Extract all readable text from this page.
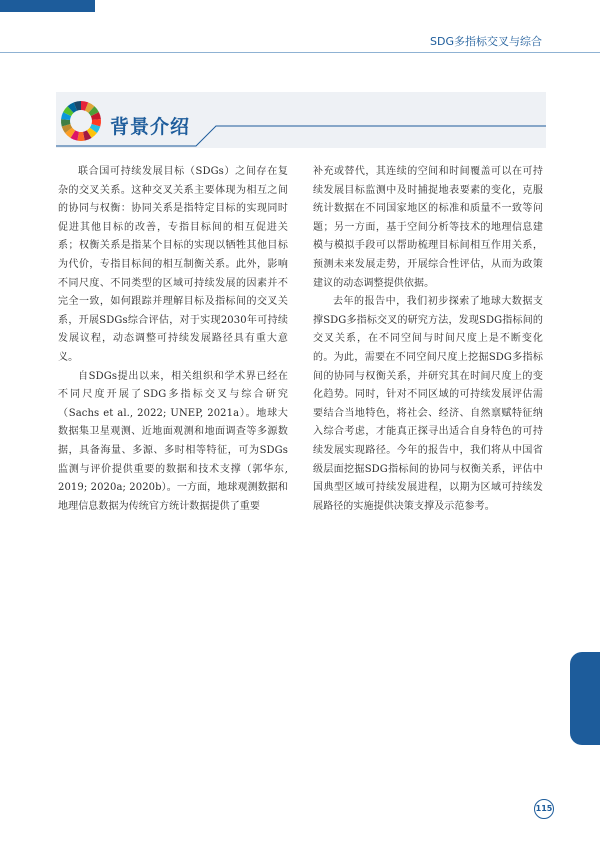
SDG多指标交叉与综合
背景介绍

联合国可持续发展目标（SDGs）之间存在复杂的交叉关系。这种交叉关系主要体现为相互之间的协同与权衡：协同关系是指特定目标的实现同时促进其他目标的改善，专指目标间的相互促进关系；权衡关系是指某个目标的实现以牺牲其他目标为代价，专指目标间的相互制衡关系。此外，影响不同尺度、不同类型的区域可持续发展的因素并不完全一致，如何跟踪并理解目标及指标间的交叉关系，开展SDGs综合评估，对于实现2030年可持续发展议程，动态调整可持续发展路径具有重大意义。

自SDGs提出以来，相关组织和学术界已经在不同尺度开展了SDG多指标交叉与综合研究（Sachs et al., 2022; UNEP, 2021a）。地球大数据集卫星观测、近地面观测和地面调查等多源数据，具备海量、多源、多时相等特征，可为SDGs监测与评价提供重要的数据和技术支撑（郭华东, 2019; 2020a; 2020b）。一方面，地球观测数据和地理信息数据为传统官方统计数据提供了重要

补充或替代，其连续的空间和时间覆盖可以在可持续发展目标监测中及时捕捉地表要素的变化，克服统计数据在不同国家地区的标准和质量不一致等问题；另一方面，基于空间分析等技术的地理信息建模与模拟手段可以帮助梳理目标间相互作用关系，预测未来发展走势，开展综合性评估，从而为政策建议的动态调整提供依据。

去年的报告中，我们初步探索了地球大数据支撑SDG多指标交叉的研究方法，发现SDG指标间的交叉关系，在不同空间与时间尺度上是不断变化的。为此，需要在不同空间尺度上挖掘SDG多指标间的协同与权衡关系，并研究其在时间尺度上的变化趋势。同时，针对不同区域的可持续发展评估需要结合当地特色，将社会、经济、自然禀赋特征纳入综合考虑，才能真正探寻出适合自身特色的可持续发展实现路径。今年的报告中，我们将从中国省级层面挖掘SDG指标间的协同与权衡关系，评估中国典型区域可持续发展进程，以期为区域可持续发展路径的实施提供决策支撑及示范参考。

115
